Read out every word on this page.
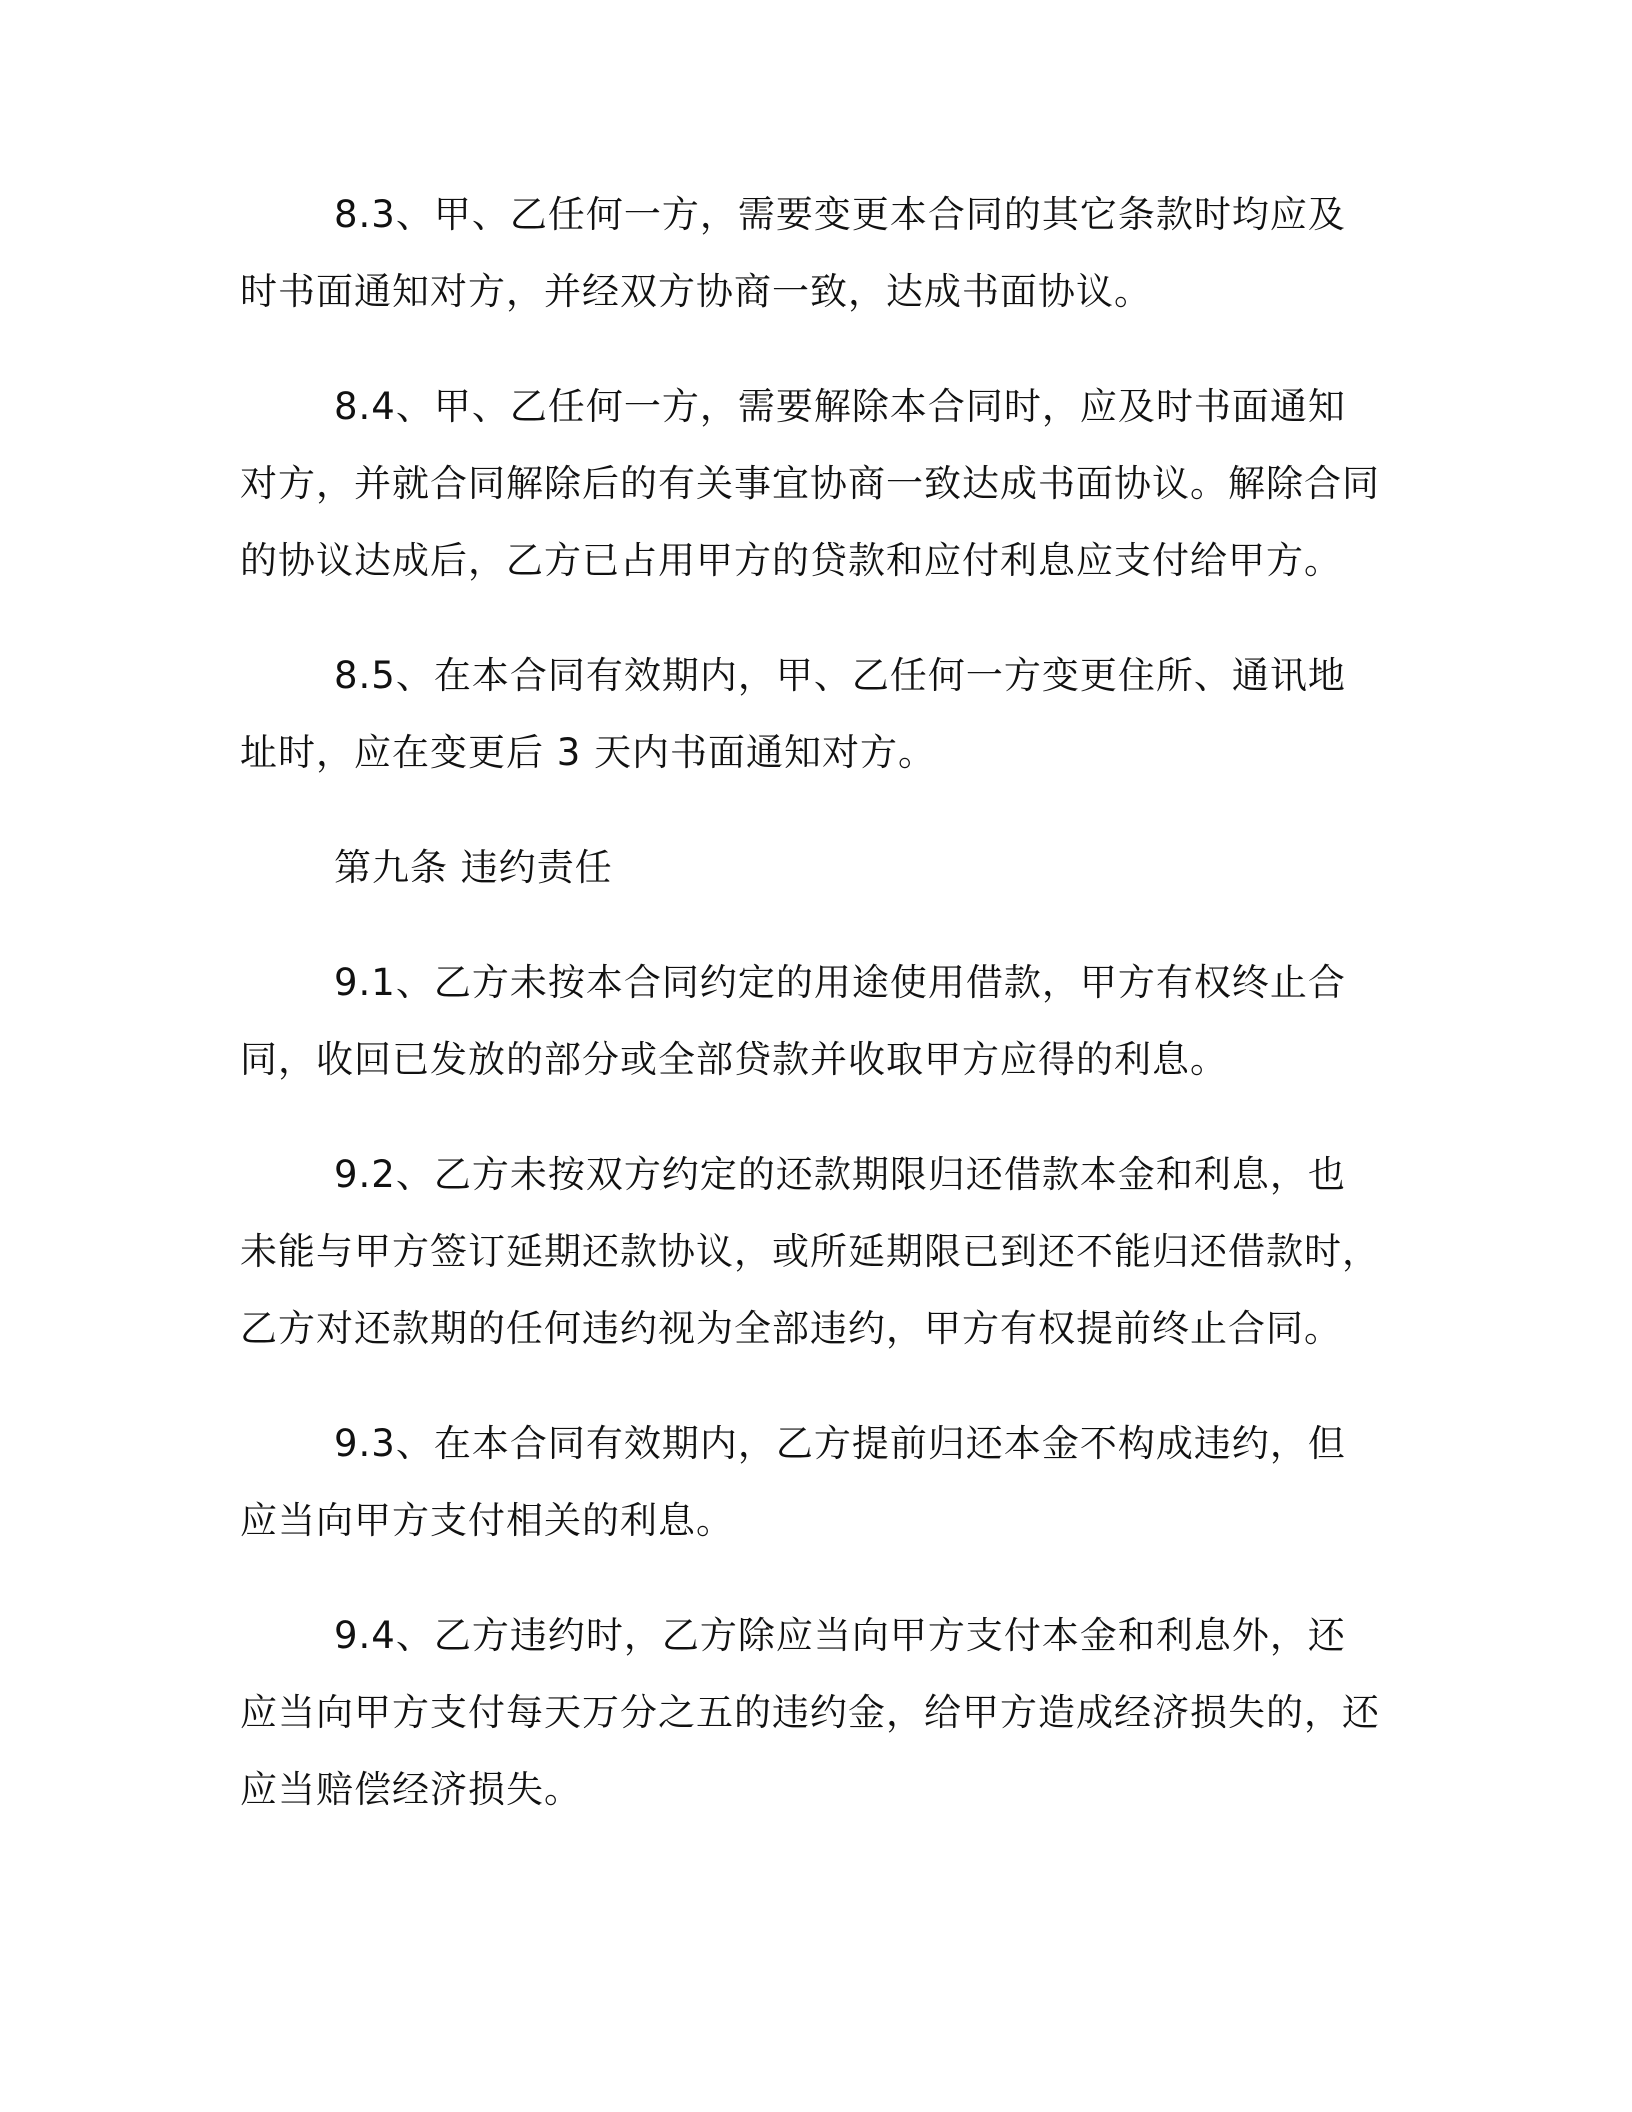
8.3、甲、乙任何一方，需要变更本合同的其它条款时均应及时书面通知对方，并经双方协商一致，达成书面协议。

8.4、甲、乙任何一方，需要解除本合同时，应及时书面通知对方，并就合同解除后的有关事宜协商一致达成书面协议。解除合同的协议达成后，乙方已占用甲方的贷款和应付利息应支付给甲方。

8.5、在本合同有效期内，甲、乙任何一方变更住所、通讯地址时，应在变更后 3 天内书面通知对方。

第九条 违约责任

9.1、乙方未按本合同约定的用途使用借款，甲方有权终止合同，收回已发放的部分或全部贷款并收取甲方应得的利息。

9.2、乙方未按双方约定的还款期限归还借款本金和利息，也未能与甲方签订延期还款协议，或所延期限已到还不能归还借款时，乙方对还款期的任何违约视为全部违约，甲方有权提前终止合同。

9.3、在本合同有效期内，乙方提前归还本金不构成违约，但应当向甲方支付相关的利息。

9.4、乙方违约时，乙方除应当向甲方支付本金和利息外，还应当向甲方支付每天万分之五的违约金，给甲方造成经济损失的，还应当赔偿经济损失。
